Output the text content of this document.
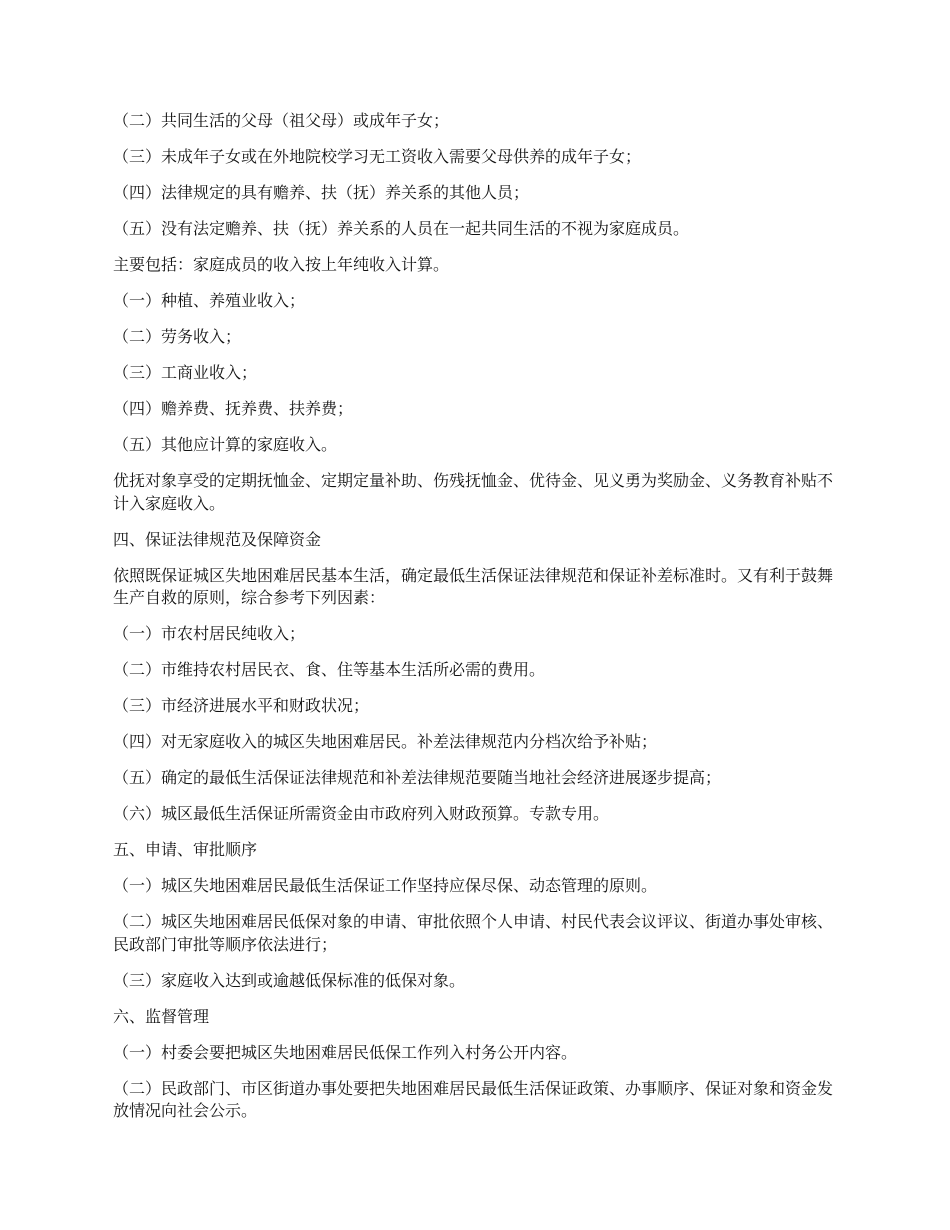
（二）共同生活的父母（祖父母）或成年子女；

（三）未成年子女或在外地院校学习无工资收入需要父母供养的成年子女；

（四）法律规定的具有赡养、扶（抚）养关系的其他人员；

（五）没有法定赡养、扶（抚）养关系的人员在一起共同生活的不视为家庭成员。

主要包括：家庭成员的收入按上年纯收入计算。

（一）种植、养殖业收入；

（二）劳务收入；

（三）工商业收入；

（四）赡养费、抚养费、扶养费；

（五）其他应计算的家庭收入。

优抚对象享受的定期抚恤金、定期定量补助、伤残抚恤金、优待金、见义勇为奖励金、义务教育补贴不计入家庭收入。

四、保证法律规范及保障资金

依照既保证城区失地困难居民基本生活，确定最低生活保证法律规范和保证补差标准时。又有利于鼓舞生产自救的原则，综合参考下列因素：

（一）市农村居民纯收入；

（二）市维持农村居民衣、食、住等基本生活所必需的费用。

（三）市经济进展水平和财政状况；

（四）对无家庭收入的城区失地困难居民。补差法律规范内分档次给予补贴；

（五）确定的最低生活保证法律规范和补差法律规范要随当地社会经济进展逐步提高；

（六）城区最低生活保证所需资金由市政府列入财政预算。专款专用。

五、申请、审批顺序

（一）城区失地困难居民最低生活保证工作坚持应保尽保、动态管理的原则。

（二）城区失地困难居民低保对象的申请、审批依照个人申请、村民代表会议评议、街道办事处审核、民政部门审批等顺序依法进行；

（三）家庭收入达到或逾越低保标准的低保对象。

六、监督管理

（一）村委会要把城区失地困难居民低保工作列入村务公开内容。

（二）民政部门、市区街道办事处要把失地困难居民最低生活保证政策、办事顺序、保证对象和资金发放情况向社会公示。
